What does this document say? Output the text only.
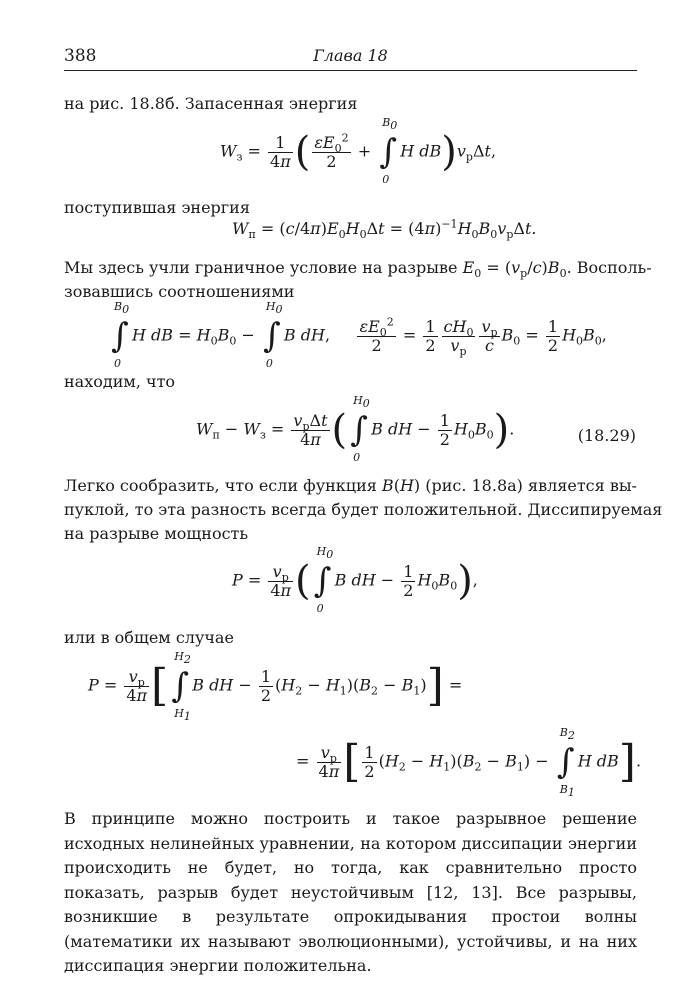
388	Глава 18
на рис. 18.8б. Запасенная энергия
$W_з = \frac{1}{4\pi}$ ( $\frac{\varepsilon E_0^2}{2}$ +
$B_0$
∫
0
H $dB)v_р\Delta t$,
поступившая энергия
$W_п = (c/4\pi)E_0H_0\Delta t = (4\pi)^{-1}H_0B_0v_р\Delta t$.
Мы здесь учли граничное условие на разрыве $E_0 = (v_р/c)B_0$. Восполь-
зовавшись соотношениями
$B_0$
∫
0
H dB = $H_0B_0$ −
$H_0$
∫
0
B dH, $\frac{\varepsilon E_0^2}{2} = \frac{1}{2} \frac{cH_0}{v_р} \frac{v_р}{c} B_0 = \frac{1}{2} H_0B_0$,
находим, что
$W_п - W_з = \frac{v_р\Delta t}{4\pi}$ (
$H_0$
∫
0
B dH − $\frac{1}{2} H_0B_0$).	(18.29)
Легко сообразить, что если функция B(H) (рис. 18.8а) является вы-
пуклой, то эта разность всегда будет положительной. Диссипируемая
на разрыве мощность
$P = \frac{v_р}{4\pi}$ (
$H_0$
∫
0
B dH − $\frac{1}{2} H_0B_0$),
или в общем случае
$P = \frac{v_р}{4\pi}$ [
$H_2$
∫
$H_1$
B dH − $\frac{1}{2} (H_2 - H_1)(B_2 - B_1)$] =
= $\frac{v_р}{4\pi}$ [ $\frac{1}{2} (H_2 - H_1)(B_2 - B_1)$ −
$B_2$
∫
$B_1$
H dB].
В принципе можно построить и такое разрывное решение исходных нелинейных уравнении, на котором диссипации энергии происходить не будет, но тогда, как сравнительно просто показать, разрыв будет неустойчивым [12, 13]. Все разрывы, возникшие в результате опрокидывания простои волны (математики их называют эволюционными), устойчивы, и на них диссипация энергии положительна.
